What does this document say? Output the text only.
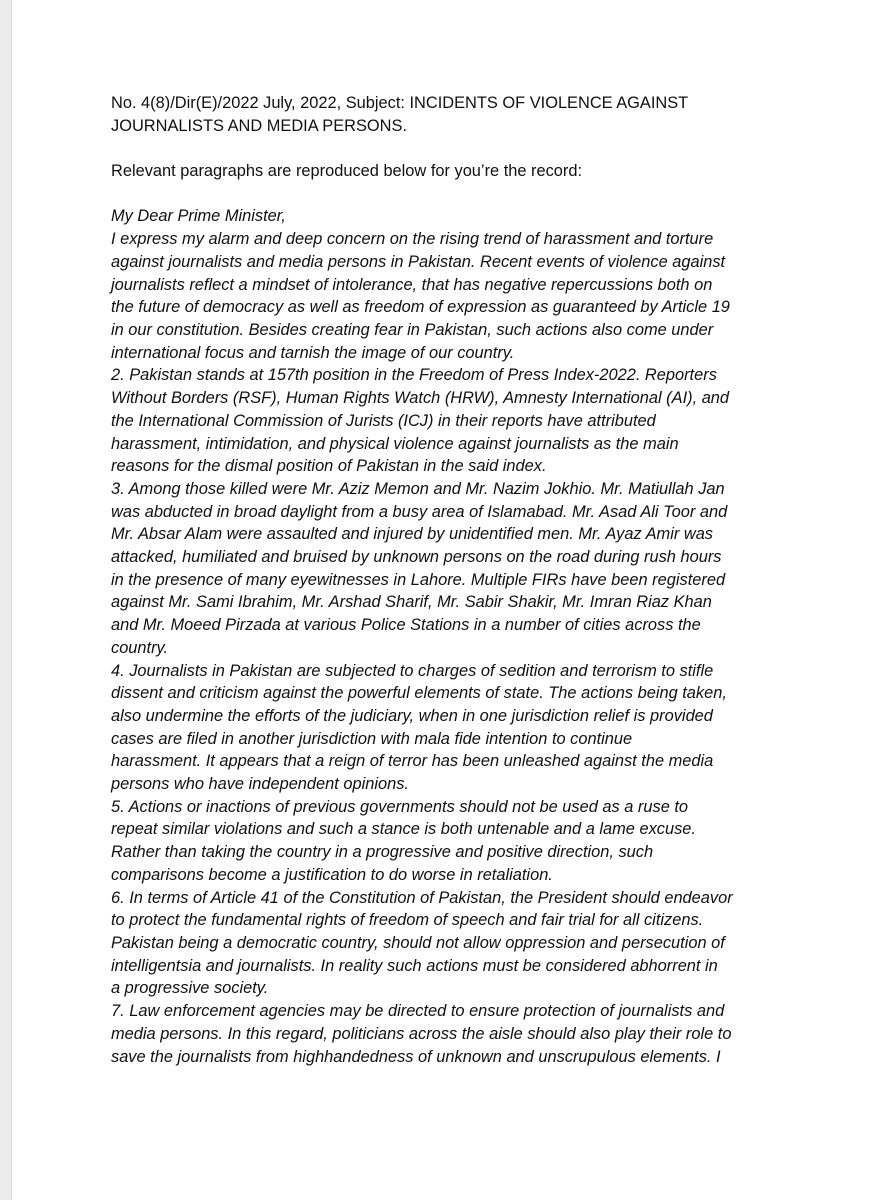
No. 4(8)/Dir(E)/2022 July, 2022, Subject: INCIDENTS OF VIOLENCE AGAINST
JOURNALISTS AND MEDIA PERSONS.
Relevant paragraphs are reproduced below for you’re the record:
My Dear Prime Minister,
I express my alarm and deep concern on the rising trend of harassment and torture
against journalists and media persons in Pakistan. Recent events of violence against
journalists reflect a mindset of intolerance, that has negative repercussions both on
the future of democracy as well as freedom of expression as guaranteed by Article 19
in our constitution. Besides creating fear in Pakistan, such actions also come under
international focus and tarnish the image of our country.
2. Pakistan stands at 157th position in the Freedom of Press Index-2022. Reporters
Without Borders (RSF), Human Rights Watch (HRW), Amnesty International (AI), and
the International Commission of Jurists (ICJ) in their reports have attributed
harassment, intimidation, and physical violence against journalists as the main
reasons for the dismal position of Pakistan in the said index.
3. Among those killed were Mr. Aziz Memon and Mr. Nazim Jokhio. Mr. Matiullah Jan
was abducted in broad daylight from a busy area of Islamabad. Mr. Asad Ali Toor and
Mr. Absar Alam were assaulted and injured by unidentified men. Mr. Ayaz Amir was
attacked, humiliated and bruised by unknown persons on the road during rush hours
in the presence of many eyewitnesses in Lahore. Multiple FIRs have been registered
against Mr. Sami Ibrahim, Mr. Arshad Sharif, Mr. Sabir Shakir, Mr. Imran Riaz Khan
and Mr. Moeed Pirzada at various Police Stations in a number of cities across the
country.
4. Journalists in Pakistan are subjected to charges of sedition and terrorism to stifle
dissent and criticism against the powerful elements of state. The actions being taken,
also undermine the efforts of the judiciary, when in one jurisdiction relief is provided
cases are filed in another jurisdiction with mala fide intention to continue
harassment. It appears that a reign of terror has been unleashed against the media
persons who have independent opinions.
5. Actions or inactions of previous governments should not be used as a ruse to
repeat similar violations and such a stance is both untenable and a lame excuse.
Rather than taking the country in a progressive and positive direction, such
comparisons become a justification to do worse in retaliation.
6. In terms of Article 41 of the Constitution of Pakistan, the President should endeavor
to protect the fundamental rights of freedom of speech and fair trial for all citizens.
Pakistan being a democratic country, should not allow oppression and persecution of
intelligentsia and journalists. In reality such actions must be considered abhorrent in
a progressive society.
7. Law enforcement agencies may be directed to ensure protection of journalists and
media persons. In this regard, politicians across the aisle should also play their role to
save the journalists from highhandedness of unknown and unscrupulous elements. I
